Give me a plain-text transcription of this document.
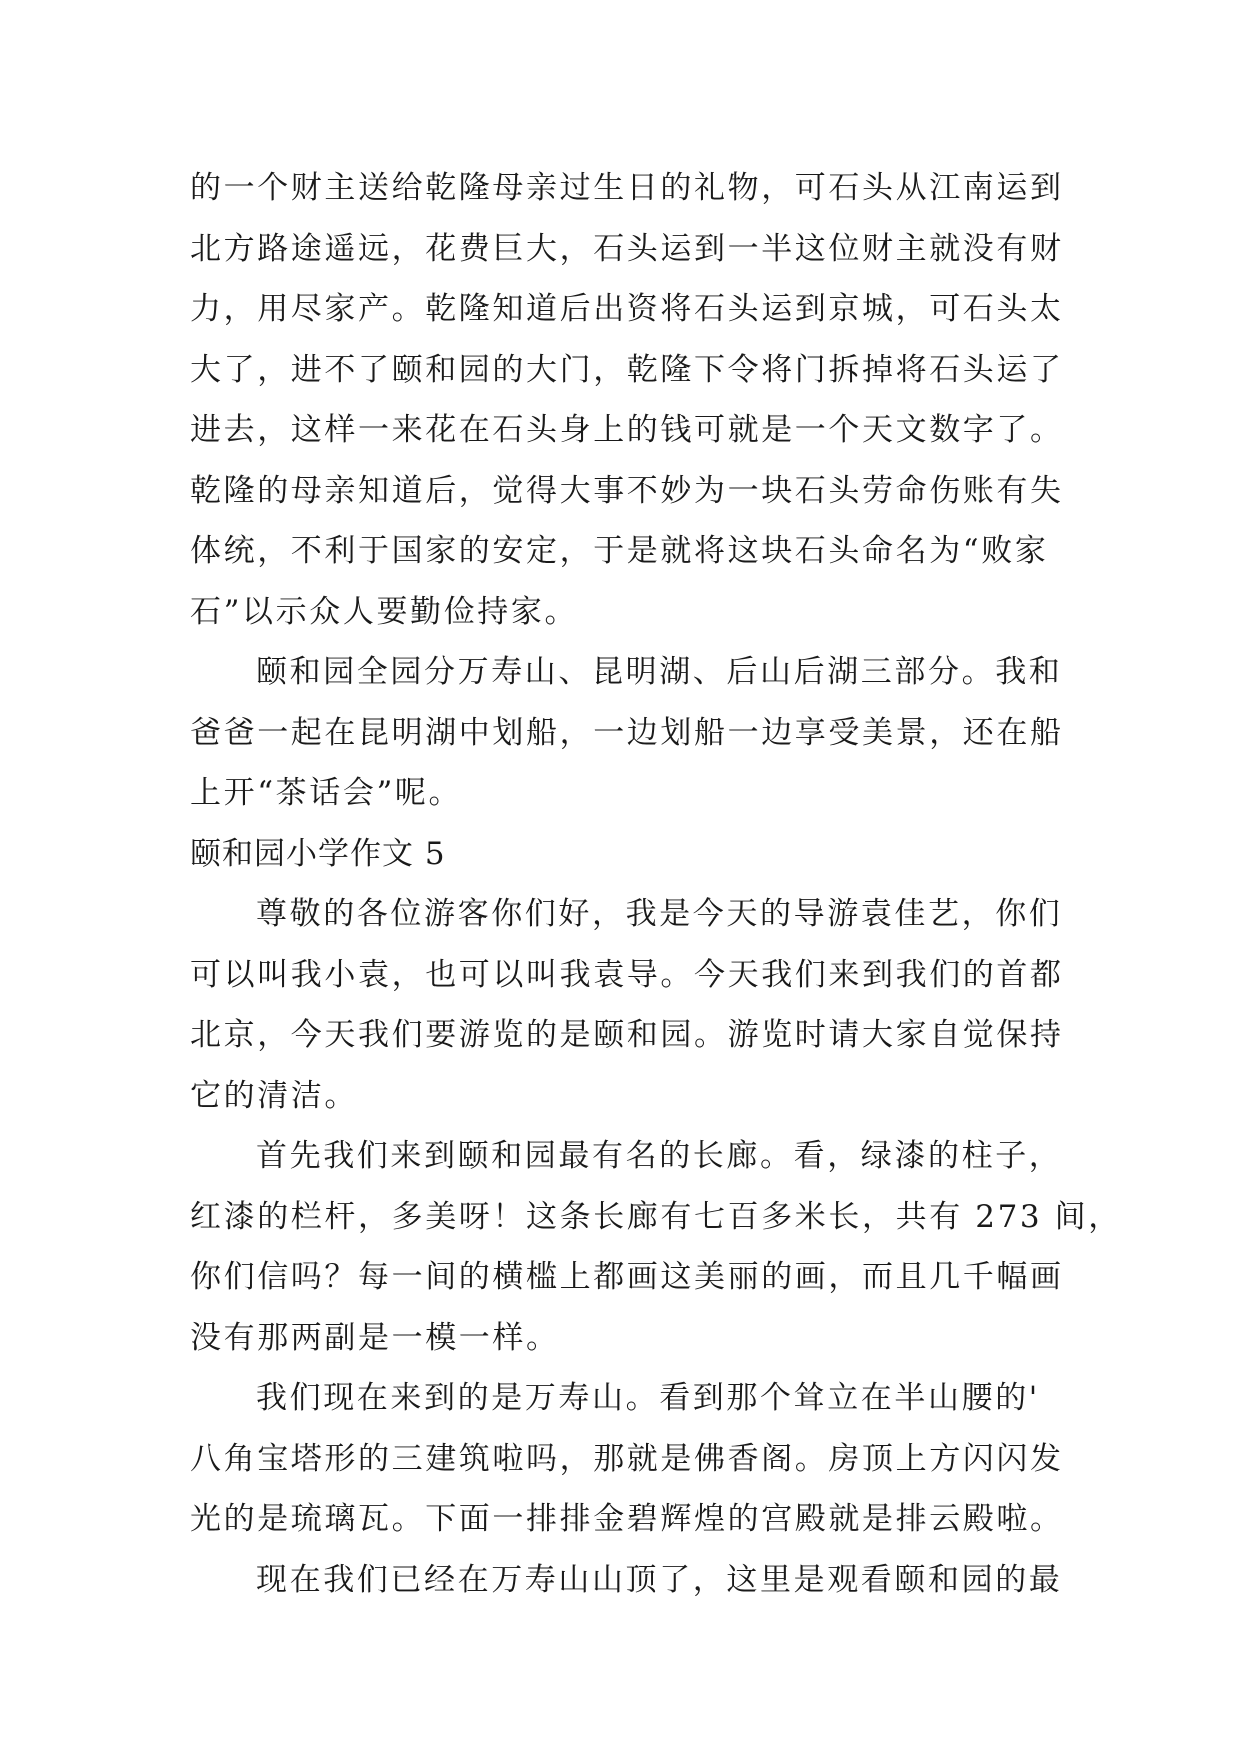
的一个财主送给乾隆母亲过生日的礼物，可石头从江南运到
北方路途遥远，花费巨大，石头运到一半这位财主就没有财
力，用尽家产。乾隆知道后出资将石头运到京城，可石头太
大了，进不了颐和园的大门，乾隆下令将门拆掉将石头运了
进去，这样一来花在石头身上的钱可就是一个天文数字了。
乾隆的母亲知道后，觉得大事不妙为一块石头劳命伤账有失
体统，不利于国家的安定，于是就将这块石头命名为“败家
石”以示众人要勤俭持家。
颐和园全园分万寿山、昆明湖、后山后湖三部分。我和
爸爸一起在昆明湖中划船，一边划船一边享受美景，还在船
上开“茶话会”呢。
颐和园小学作文 5
尊敬的各位游客你们好，我是今天的导游袁佳艺，你们
可以叫我小袁，也可以叫我袁导。今天我们来到我们的首都
北京，今天我们要游览的是颐和园。游览时请大家自觉保持
它的清洁。
首先我们来到颐和园最有名的长廊。看，绿漆的柱子，
红漆的栏杆，多美呀！这条长廊有七百多米长，共有 273 间，
你们信吗？每一间的横槛上都画这美丽的画，而且几千幅画
没有那两副是一模一样。
我们现在来到的是万寿山。看到那个耸立在半山腰的'
八角宝塔形的三建筑啦吗，那就是佛香阁。房顶上方闪闪发
光的是琉璃瓦。下面一排排金碧辉煌的宫殿就是排云殿啦。
现在我们已经在万寿山山顶了，这里是观看颐和园的最
